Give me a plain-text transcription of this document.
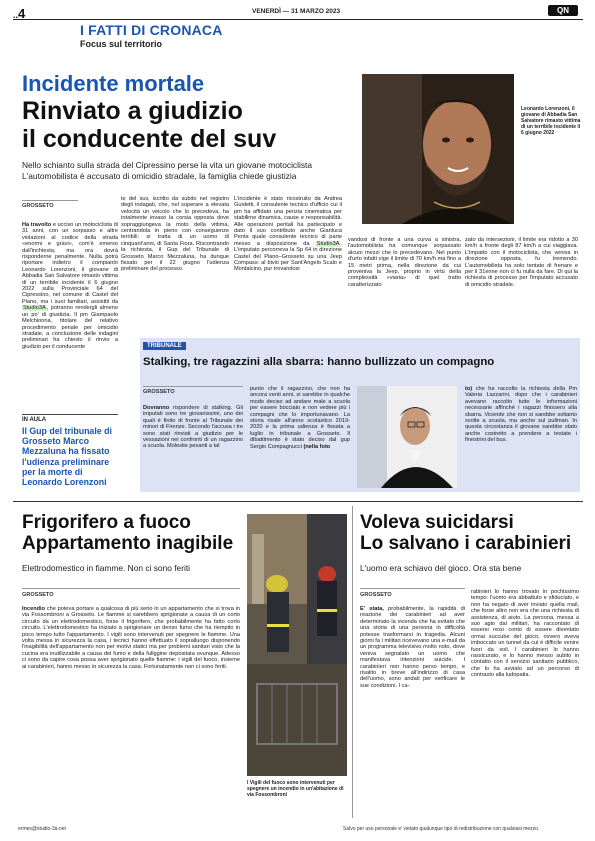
..4	VENERDÌ — 31 MARZO 2023	QN
I FATTI DI CRONACA
Focus sul territorio
Incidente mortale
Rinviato a giudizio
il conducente del suv
Nello schianto sulla strada del Cipressino perse la vita un giovane motociclista
L'automobilista è accusato di omicidio stradale, la famiglia chiede giustizia
Leonardo Lorenzoni, il giovane di Abbadia San Salvatore rimasto vittima di un terribile incidente il 6 giugno 2022
GROSSETO
Ha travolto e ucciso un motociclista di 31 anni, con un sorpasso e altre violazioni al codice della strada «enormi e gravi», com'è emerso dall'inchiesta, ma ora dovrà risponderne penalmente. Nulla potrà riportare indietro il compianto Leonardo Lorenzoni, il giovane di Abbadia San Salvatore rimasto vittima di un terribile incidente il 6 giugno 2022 sulla Provinciale 64 del Cipressino, nel comune di Castel del Piano, ma i suoi familiari, assistiti da Studio3A, potranno rendergli almeno un po' di giustizia. Il pm Giampaolo Melchionna, titolare del relativo procedimento penale per omicidio stradale, a conclusione delle indagini preliminari ha chiesto il rinvio a giudizio per il conducente
te del suv, iscritto da subito nel registro degli indagati, che, nel superare a elevata velocità un veicolo che lo precedeva, ha totalmente invaso la corsia opposta dove sopraggiungeva la moto della vittima, centrandola in pieno con conseguenze terribili: si tratta di un uomo di cinquant'anni, di Santa Fiora. Riscontrando la richiesta, il Gup del Tribunale di Grosseto Marco Mezzaluna, ha dunque fissato per il 22 giugno l'udienza preliminare del processo.
L'incidente è stato ricostruito da Andrea Guidetti, il consulente tecnico d'ufficio cui il pm ha affidato una perizia cinematica per stabilirne dinamica, cause e responsabilità. Alle operazioni peritali ha partecipato e dato il suo contributo anche Gianluca Penta quale consulente tecnico di parte messo a disposizione da Studio3A. L'imputato percorreva la Sp 64 in direzione Castel del Piano–Grosseto su una Jeep Compass: al bivio per Sant'Angelo Scalo e Montalcino, pur trovandosi
vandosi di fronte a una curva a sinistra, l'automobilista ha comunque sorpassato alcuni mezzi che lo precedevano. Nel punto d'urto infatti vige il limite di 70 km/h ma fino a 15 metri prima, nella direzione da cui proveniva la Jeep, proprio in virtù della complessità «viaria» di quel tratto caratterizzato
zato da intersezioni, il limite era ridotto a 30 km/h a fronte degli 87 km/h a cui viaggiava. L'impatto con il motociclista, che veniva in direzione opposta, fu tremendo. L'automobilista ha solo tentato di frenare e per il 31enne non ci fu nulla da fare. Di qui la richiesta di processo per l'imputato accusato di omicidio stradale.
IN AULA
Il Gup del tribunale di Grosseto Marco Mezzaluna ha fissato l'udienza preliminare per la morte di Leonardo Lorenzoni
TRIBUNALE
Stalking, tre ragazzini alla sbarra: hanno bullizzato un compagno
GROSSETO
Dovranno rispondere di stalking. Gli imputati sono tre giovanissimi, uno dei quali è finito di fronte al Tribunale dei minori di Firenze. Secondo l'accusa i tre sono stati rinviati a giudizio per le vessazioni nei confronti di un ragazzino a scuola. Molestie pesanti a tal
punto che il ragazzino, che non ha ancora venti anni, si sarebbe in qualche modo deciso ad andare male a scuola per essere bocciato e non vedere più i compagni che lo importunavano. La storia risale all'anno scolastico 2019-2020 e la prima udienza è fissata a luglio in tribunale a Grosseto. Il dibattimento è stato deciso dal gup Sergio Compagnucci (nella foto
to) che ha raccolto la richiesta della Pm Valeria Lazzarini, dopo che i carabinieri avevano raccolto tutte le informazioni necessarie affinché i ragazzi finissero alla sbarra. Vicende che non si sarebbe soltanto svolte a scuola, ma anche sul pullman. In questa circostanza il giovane sarebbe stato anche costretto a prendere a testate i finestrini del bus.
Frigorifero a fuoco
Appartamento inagibile
Elettrodomestico in fiamme. Non ci sono feriti
GROSSETO
Incendio che poteva portare a qualcosa di più serio in un appartamento che si trova in via Fossombroni a Grosseto. Le fiamme si sarebbero sprigionate a causa di un corto circuito da un elettrodomestico, forse il frigorifero, che probabilmente ha fatto corto circuito. L'elettrodomestico ha iniziato a sprigionare un denso fumo che ha riempito in poco tempo tutto l'appartamento. I vigili sono intervenuti per spegnere le fiamme. Una volta messa in sicurezza la casa, i tecnici hanno effettuato il sopralluogo disponendo l'inagibilità dell'appartamento non per motivi statici ma per problemi sanitari visto che la cucina era inutilizzabile a causa del fumo e della fuliggine depositata ovunque. Adesso ci sono da capire cosa possa aver sprigionato quelle fiamme: i vigili del fuoco, insieme ai carabinieri, hanno messo in sicurezza la casa. Fortunatamente non ci sono feriti.
I Vigili del fuoco sono intervenuti per spegnere un incendio in un'abitazione di via Fossombroni
Voleva suicidarsi
Lo salvano i carabinieri
L'uomo era schiavo del gioco. Ora sta bene
GROSSETO
E' stata, probabilmente, la rapidità di reazione dei carabinieri ad aver determinato la vicenda che ha evitato che una storia di una persona in difficoltà potesse trasformarsi in tragedia. Alcuni giorni fa i militari ricevevano una e-mail da un programma televisivo molto noto, dove veniva segnalato un uomo che manifestava intenzioni suicide. I carabinieri non hanno perso tempo, e risalito in breve all'indirizzo di casa dell'uomo, sono andati per verificare le sue condizioni. I ca-
rabinieri lo hanno trovato in pochissimo tempo: l'uomo era abbattuto e sfiduciato, e non ha negato di aver inviato quella mail, che forse altro non era che una richiesta di assistenza, di aiuto. La persona, messa a suo agio dai militari, ha raccontato di essersi reso conto di essere diventato ormai succube del gioco, ovvero aveva imboccato un tunnel da cui è difficile venire fuori da soli. I carabinieri lo hanno rassicurato, e lo hanno messo subito in contatto con il servizio sanitario pubblico, che lo ha avviato ad un percorso di contrasto alla ludopatia.
ermes@studio-3a.net	Salvo per uso personale e' vietato qualunque tipo di redistribuzione con qualsiasi mezzo.
